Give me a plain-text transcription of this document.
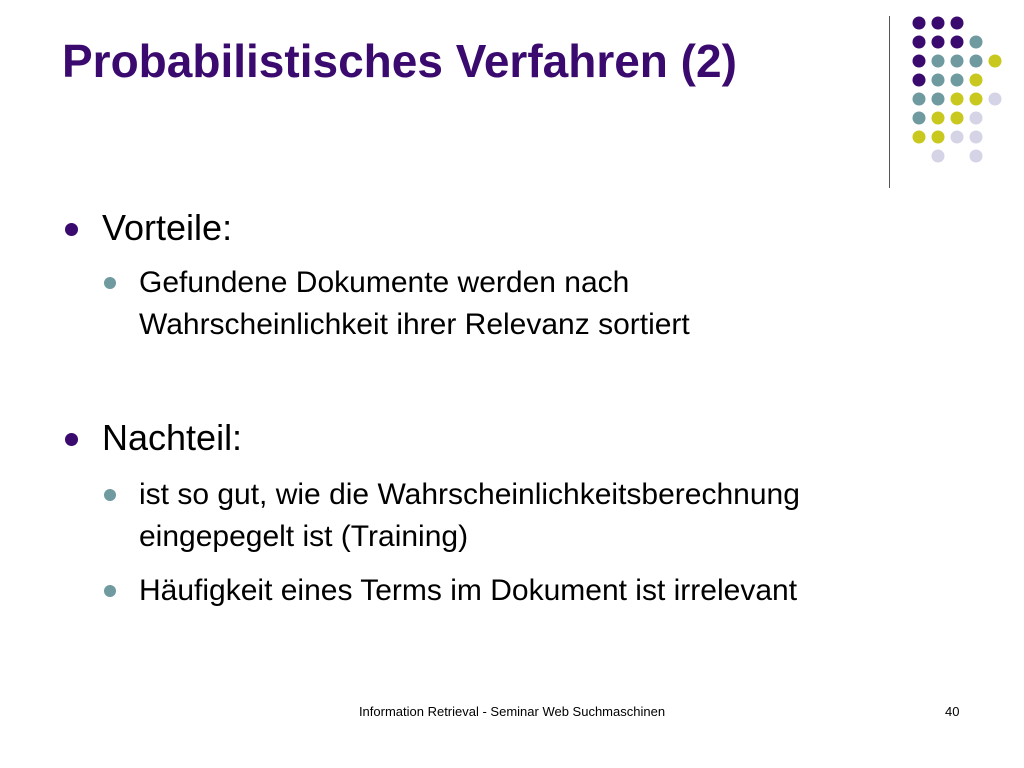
Probabilistisches Verfahren (2)
Vorteile:
Gefundene Dokumente werden nach
Wahrscheinlichkeit ihrer Relevanz sortiert
Nachteil:
ist so gut, wie die Wahrscheinlichkeitsberechnung
eingepegelt ist (Training)
Häufigkeit eines Terms im Dokument ist irrelevant
Information Retrieval - Seminar Web Suchmaschinen	40
